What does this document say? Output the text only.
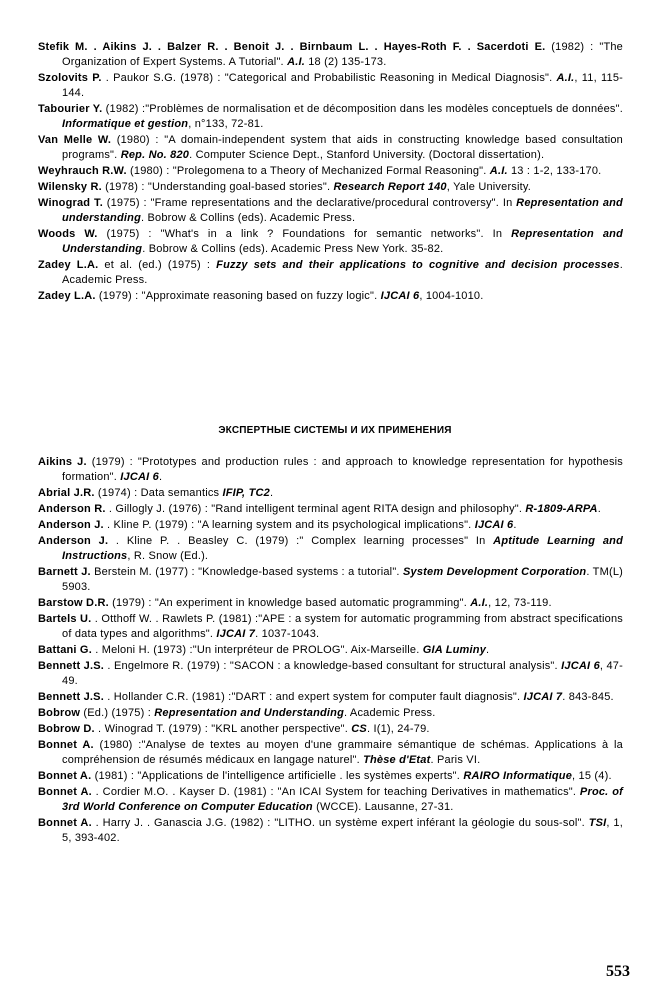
Stefik M. . Aikins J. . Balzer R. . Benoit J. . Birnbaum L. . Hayes-Roth F. . Sacerdoti E. (1982) : "The Organization of Expert Systems. A Tutorial". A.I. 18 (2) 135-173.
Szolovits P. . Paukor S.G. (1978) : "Categorical and Probabilistic Reasoning in Medical Diagnosis". A.I., 11, 115-144.
Tabourier Y. (1982) :"Problèmes de normalisation et de décomposition dans les modèles conceptuels de données". Informatique et gestion, n°133, 72-81.
Van Melle W. (1980) : "A domain-independent system that aids in constructing knowledge based consultation programs". Rep. No. 820. Computer Science Dept., Stanford University. (Doctoral dissertation).
Weyhrauch R.W. (1980) : "Prolegomena to a Theory of Mechanized Formal Reasoning". A.I. 13 : 1-2, 133-170.
Wilensky R. (1978) : "Understanding goal-based stories". Research Report 140, Yale University.
Winograd T. (1975) : "Frame representations and the declarative/procedural controversy". In Representation and understanding. Bobrow & Collins (eds). Academic Press.
Woods W. (1975) : "What's in a link ? Foundations for semantic networks". In Representation and Understanding. Bobrow & Collins (eds). Academic Press New York. 35-82.
Zadey L.A. et al. (ed.) (1975) : Fuzzy sets and their applications to cognitive and decision processes. Academic Press.
Zadey L.A. (1979) : "Approximate reasoning based on fuzzy logic". IJCAI 6, 1004-1010.
ЭКСПЕРТНЫЕ СИСТЕМЫ И ИХ ПРИМЕНЕНИЯ
Aikins J. (1979) : "Prototypes and production rules : and approach to knowledge representation for hypothesis formation". IJCAI 6.
Abrial J.R. (1974) : Data semantics IFIP, TC2.
Anderson R. . Gillogly J. (1976) : "Rand intelligent terminal agent RITA design and philosophy". R-1809-ARPA.
Anderson J. . Kline P. (1979) : "A learning system and its psychological implications". IJCAI 6.
Anderson J. . Kline P. . Beasley C. (1979) :" Complex learning processes" In Aptitude Learning and Instructions, R. Snow (Ed.).
Barnett J. Berstein M. (1977) : "Knowledge-based systems : a tutorial". System Development Corporation. TM(L) 5903.
Barstow D.R. (1979) : "An experiment in knowledge based automatic programming". A.I., 12, 73-119.
Bartels U. . Otthoff W. . Rawlets P. (1981) :"APE : a system for automatic programming from abstract specifications of data types and algorithms". IJCAI 7. 1037-1043.
Battani G. . Meloni H. (1973) :"Un interpréteur de PROLOG". Aix-Marseille. GIA Luminy.
Bennett J.S. . Engelmore R. (1979) : "SACON : a knowledge-based consultant for structural analysis". IJCAI 6, 47-49.
Bennett J.S. . Hollander C.R. (1981) :"DART : and expert system for computer fault diagnosis". IJCAI 7. 843-845.
Bobrow (Ed.) (1975) : Representation and Understanding. Academic Press.
Bobrow D. . Winograd T. (1979) : "KRL another perspective". CS. I(1), 24-79.
Bonnet A. (1980) :"Analyse de textes au moyen d'une grammaire sémantique de schémas. Applications à la compréhension de résumés médicaux en langage naturel". Thèse d'Etat. Paris VI.
Bonnet A. (1981) : "Applications de l'intelligence artificielle . les systèmes experts". RAIRO Informatique, 15 (4).
Bonnet A. . Cordier M.O. . Kayser D. (1981) : "An ICAI System for teaching Derivatives in mathematics". Proc. of 3rd World Conference on Computer Education (WCCE). Lausanne, 27-31.
Bonnet A. . Harry J. . Ganascia J.G. (1982) : "LITHO. un système expert inférant la géologie du sous-sol". TSI, 1, 5, 393-402.
553
